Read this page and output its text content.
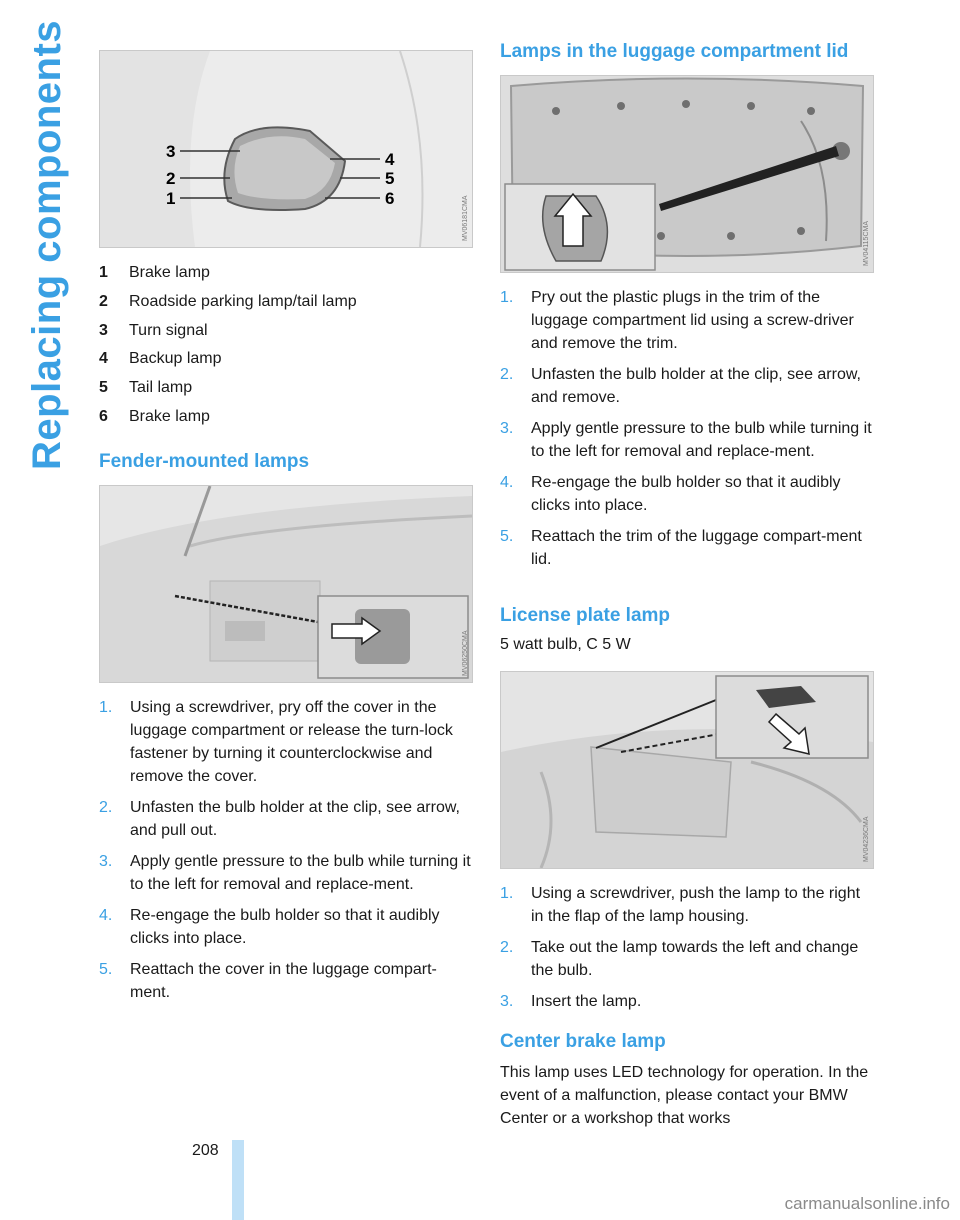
Replacing components	3
2
1
4
5
6	MV06181CMA
1 Brake lamp
2 Roadside parking lamp/tail lamp
3 Turn signal
4 Backup lamp
5 Tail lamp
6 Brake lamp
Fender-mounted lamps
MV06250CMA
1. Using a screwdriver, pry off the cover in the luggage compartment or release the turn-lock fastener by turning it counterclockwise and remove the cover.
2. Unfasten the bulb holder at the clip, see arrow, and pull out.
3. Apply gentle pressure to the bulb while turning it to the left for removal and replace-ment.
4. Re-engage the bulb holder so that it audibly clicks into place.
5. Reattach the cover in the luggage compart-ment.
Lamps in the luggage compartment lid
MV04115CMA
1. Pry out the plastic plugs in the trim of the luggage compartment lid using a screw-driver and remove the trim.
2. Unfasten the bulb holder at the clip, see arrow, and remove.
3. Apply gentle pressure to the bulb while turning it to the left for removal and replace-ment.
4. Re-engage the bulb holder so that it audibly clicks into place.
5. Reattach the trim of the luggage compart-ment lid.
License plate lamp

5 watt bulb, C 5 W

MV04236CMA
1. Using a screwdriver, push the lamp to the right in the flap of the lamp housing.
2. Take out the lamp towards the left and change the bulb.
3. Insert the lamp.
Center brake lamp

This lamp uses LED technology for operation. In the event of a malfunction, please contact your BMW Center or a workshop that works

208
carmanualsonline.info
